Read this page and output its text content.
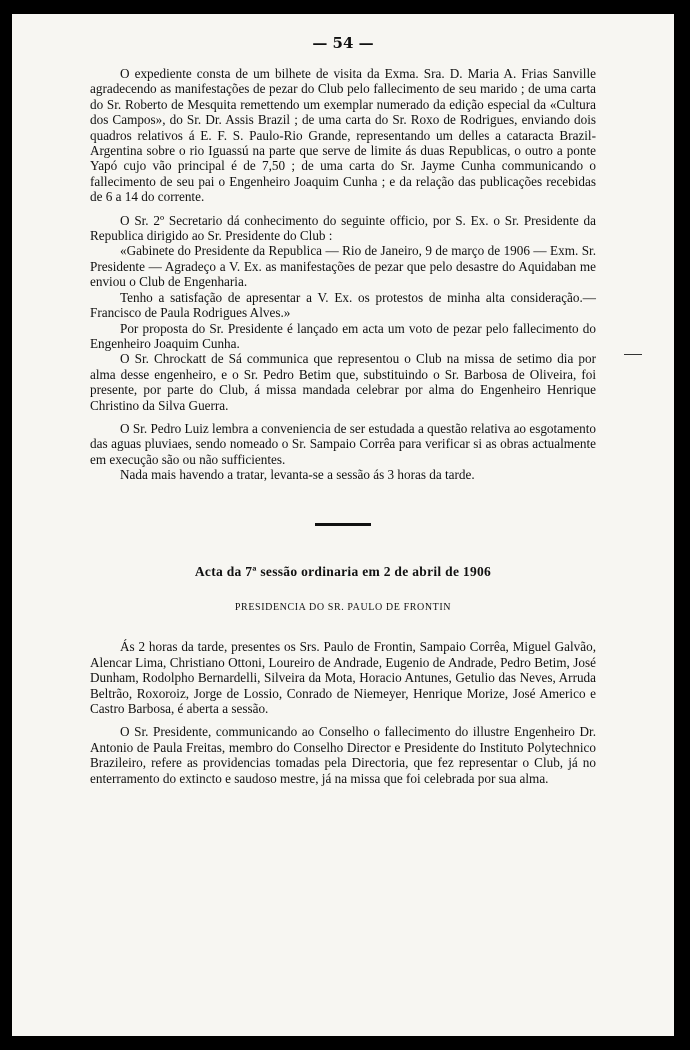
— 54 —

O expediente consta de um bilhete de visita da Exma. Sra. D. Maria A. Frias Sanville agradecendo as manifestações de pezar do Club pelo fallecimento de seu marido ; de uma carta do Sr. Roberto de Mesquita remettendo um exemplar numerado da edição especial da «Cultura dos Campos», do Sr. Dr. Assis Brazil ; de uma carta do Sr. Roxo de Rodrigues, enviando dois quadros relativos á E. F. S. Paulo-Rio Grande, representando um delles a cataracta Brazil-Argentina sobre o rio Iguassú na parte que serve de limite ás duas Republicas, o outro a ponte Yapó cujo vão principal é de 7,50 ; de uma carta do Sr. Jayme Cunha communicando o fallecimento de seu pai o Engenheiro Joaquim Cunha ; e da relação das publicações recebidas de 6 a 14 do corrente.

O Sr. 2º Secretario dá conhecimento do seguinte officio, por S. Ex. o Sr. Presidente da Republica dirigido ao Sr. Presidente do Club :

«Gabinete do Presidente da Republica — Rio de Janeiro, 9 de março de 1906 — Exm. Sr. Presidente — Agradeço a V. Ex. as manifestações de pezar que pelo desastre do Aquidaban me enviou o Club de Engenharia.

Tenho a satisfação de apresentar a V. Ex. os protestos de minha alta consideração.—Francisco de Paula Rodrigues Alves.»

Por proposta do Sr. Presidente é lançado em acta um voto de pezar pelo fallecimento do Engenheiro Joaquim Cunha.

O Sr. Chrockatt de Sá communica que representou o Club na missa de setimo dia por alma desse engenheiro, e o Sr. Pedro Betim que, substituindo o Sr. Barbosa de Oliveira, foi presente, por parte do Club, á missa mandada celebrar por alma do Engenheiro Henrique Christino da Silva Guerra.

O Sr. Pedro Luiz lembra a conveniencia de ser estudada a questão relativa ao esgotamento das aguas pluviaes, sendo nomeado o Sr. Sampaio Corrêa para verificar si as obras actualmente em execução são ou não sufficientes.

Nada mais havendo a tratar, levanta-se a sessão ás 3 horas da tarde.

Acta da 7ª sessão ordinaria em 2 de abril de 1906
PRESIDENCIA DO SR. PAULO DE FRONTIN

Ás 2 horas da tarde, presentes os Srs. Paulo de Frontin, Sampaio Corrêa, Miguel Galvão, Alencar Lima, Christiano Ottoni, Loureiro de Andrade, Eugenio de Andrade, Pedro Betim, José Dunham, Rodolpho Bernardelli, Silveira da Mota, Horacio Antunes, Getulio das Neves, Arruda Beltrão, Roxoroiz, Jorge de Lossio, Conrado de Niemeyer, Henrique Morize, José Americo e Castro Barbosa, é aberta a sessão.

O Sr. Presidente, communicando ao Conselho o fallecimento do illustre Engenheiro Dr. Antonio de Paula Freitas, membro do Conselho Director e Presidente do Instituto Polytechnico Brazileiro, refere as providencias tomadas pela Directoria, que fez representar o Club, já no enterramento do extincto e saudoso mestre, já na missa que foi celebrada por sua alma.
